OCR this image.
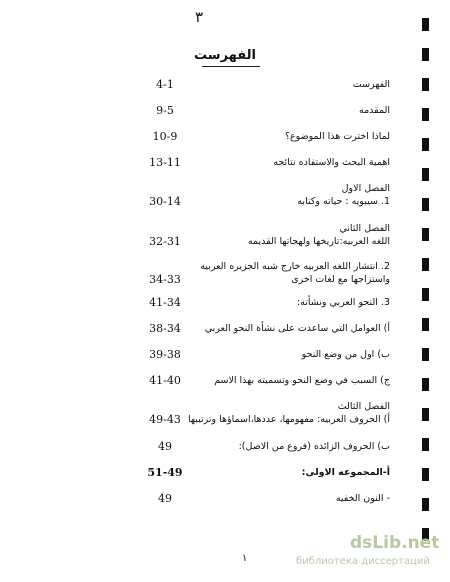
٣
الفهرست
الفهرست
4-1
المقدمه
9-5
لماذا اخترت هذا الموضوع؟
10-9
اهمية البحث والاستفاده نتائجه
13-11
الفصل الاول
1. سيبويه : حياته وكتابه
30-14
الفصل الثاني
اللغه العربيه:تاريخها ولهجاتها القديمه
32-31
2. انتشار اللغه العربيه خارج شبه الجزيره العربيه
واستزاجها مع لغات اخرى
34-33
3. النحو العربي ونشأته:
41-34
أ) العوامل التي ساعدت على نشأة النحو العربي
38-34
ب) اول من وضع النحو
39-38
ج) السبب في وضع النحو وتسميته بهذا الاسم
41-40
الفصل الثالث
أ) الحروف العربيه: مفهومها، عددها،اسماؤها وترتيبها
49-43
ب) الحروف الزائده (فروع من الاصل):
49
أ-المجموعه الاولى:
51-49
- النون الخفيه
49
١
dsLib.net
библиотека диссертаций
